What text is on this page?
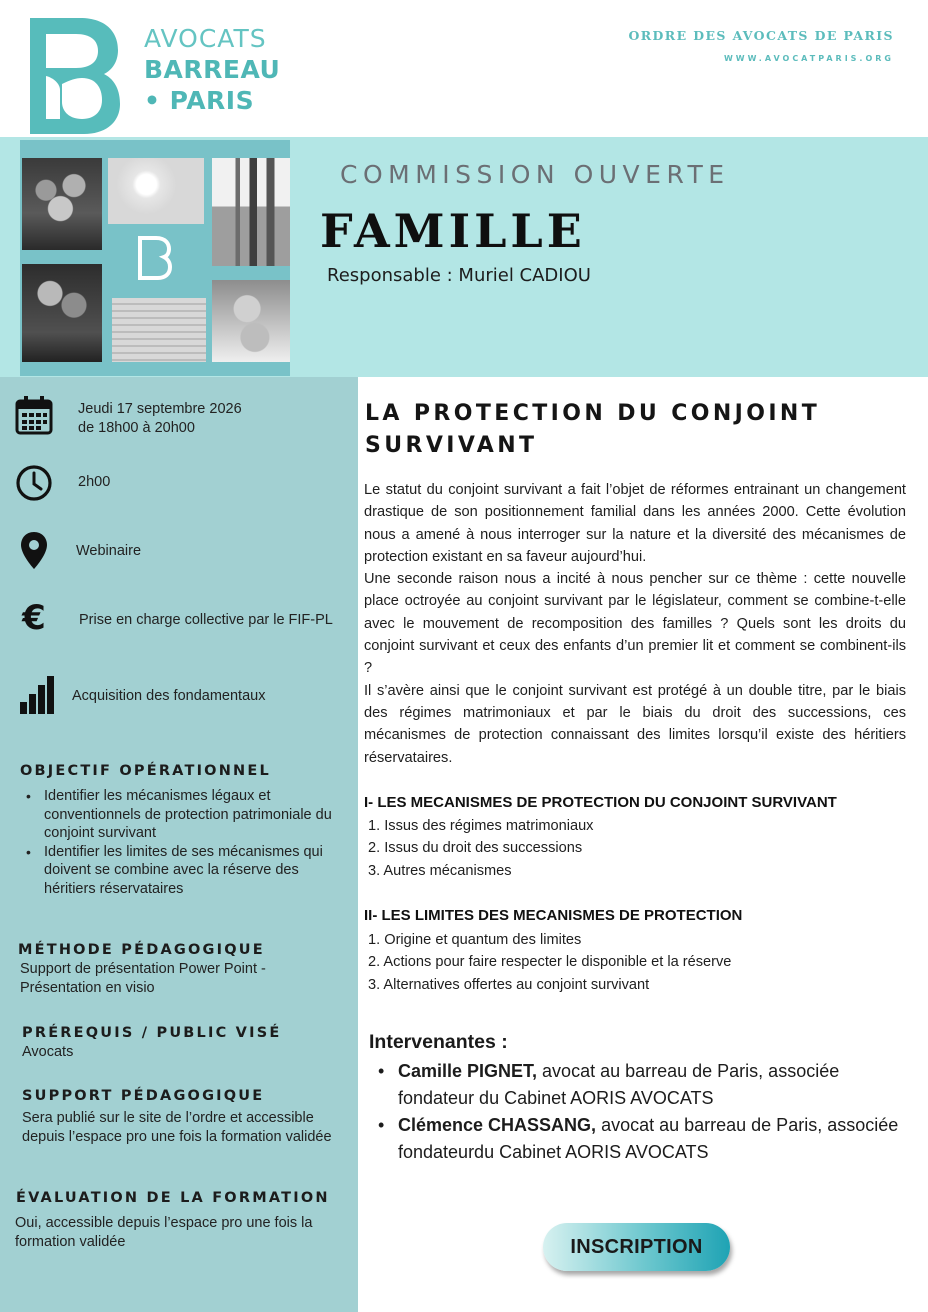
AVOCATS
BARREAU
• PARIS
ORDRE DES AVOCATS DE PARIS
WWW.AVOCATPARIS.ORG
COMMISSION OUVERTE
FAMILLE
Responsable : Muriel CADIOU
Jeudi 17 septembre 2026
de 18h00 à 20h00
2h00
Webinaire
€	Prise en charge collective par le FIF-PL
Acquisition des fondamentaux
OBJECTIF OPÉRATIONNEL
• Identifier les mécanismes légaux et conventionnels de protection patrimoniale du conjoint survivant
• Identifier les limites de ses mécanismes qui doivent se combine avec la réserve des héritiers réservataires
MÉTHODE PÉDAGOGIQUE
Support de présentation Power Point - Présentation en visio
PRÉREQUIS / PUBLIC VISÉ
Avocats
SUPPORT PÉDAGOGIQUE
Sera publié sur le site de l’ordre et accessible depuis l’espace pro une fois la formation validée
ÉVALUATION DE LA FORMATION
Oui, accessible depuis l’espace pro une fois la formation validée
LA PROTECTION DU CONJOINT SURVIVANT

Le statut du conjoint survivant a fait l’objet de réformes entrainant un changement drastique de son positionnement familial dans les années 2000. Cette évolution nous a amené à nous interroger sur la nature et la diversité des mécanismes de protection existant en sa faveur aujourd’hui.

Une seconde raison nous a incité à nous pencher sur ce thème : cette nouvelle place octroyée au conjoint survivant par le législateur, comment se combine-t-elle avec le mouvement de recomposition des familles ? Quels sont les droits du conjoint survivant et ceux des enfants d’un premier lit et comment se combinent-ils ?

Il s’avère ainsi que le conjoint survivant est protégé à un double titre, par le biais des régimes matrimoniaux et par le biais du droit des successions, ces mécanismes de protection connaissant des limites lorsqu’il existe des héritiers réservataires.

I- LES MECANISMES DE PROTECTION DU CONJOINT SURVIVANT
1. Issus des régimes matrimoniaux
2. Issus du droit des successions
3. Autres mécanismes
II- LES LIMITES DES MECANISMES DE PROTECTION
1. Origine et quantum des limites
2. Actions pour faire respecter le disponible et la réserve
3. Alternatives offertes au conjoint survivant
Intervenantes :
• Camille PIGNET, avocat au barreau de Paris, associée fondateur du Cabinet AORIS AVOCATS
• Clémence CHASSANG, avocat au barreau de Paris, associée fondateurdu Cabinet AORIS AVOCATS
INSCRIPTION
